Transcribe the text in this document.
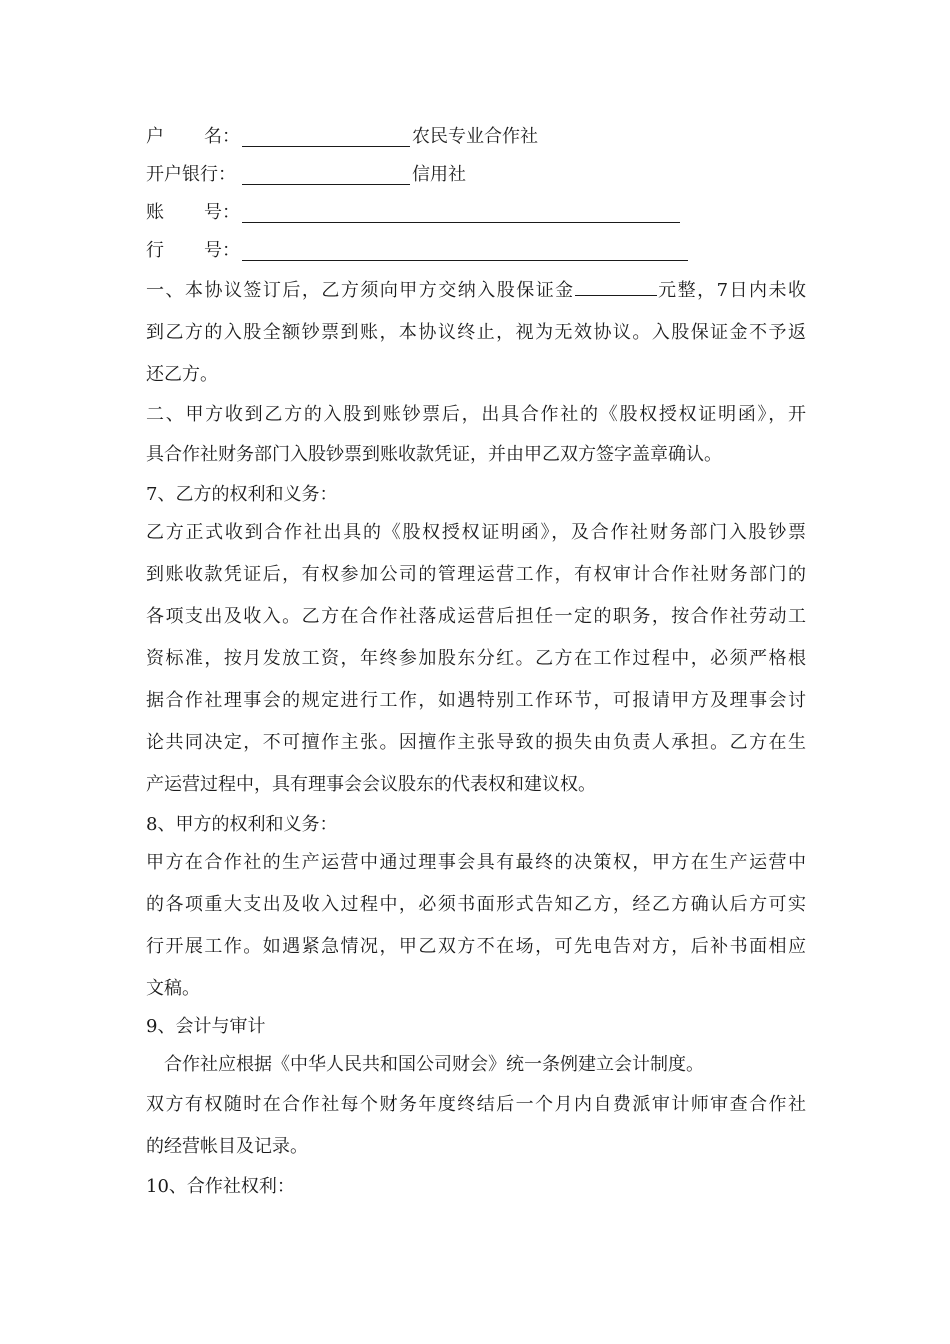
户 名 ：	农民专业合作社
开户银行：	信用社
账 号 ：
行 号 ：
一、本协议签订后，乙方须向甲方交纳入股保证金	元整，7日内未收
到乙方的入股全额钞票到账，本协议终止，视为无效协议。入股保证金不予返
还乙方。
二、甲方收到乙方的入股到账钞票后，出具合作社的《股权授权证明函》，开
具合作社财务部门入股钞票到账收款凭证，并由甲乙双方签字盖章确认。
7、乙方的权利和义务：
乙方正式收到合作社出具的《股权授权证明函》，及合作社财务部门入股钞票
到账收款凭证后，有权参加公司的管理运营工作，有权审计合作社财务部门的
各项支出及收入。乙方在合作社落成运营后担任一定的职务，按合作社劳动工
资标准，按月发放工资，年终参加股东分红。乙方在工作过程中，必须严格根
据合作社理事会的规定进行工作，如遇特别工作环节，可报请甲方及理事会讨
论共同决定，不可擅作主张。因擅作主张导致的损失由负责人承担。乙方在生
产运营过程中，具有理事会会议股东的代表权和建议权。
8、甲方的权利和义务：
甲方在合作社的生产运营中通过理事会具有最终的决策权，甲方在生产运营中
的各项重大支出及收入过程中，必须书面形式告知乙方，经乙方确认后方可实
行开展工作。如遇紧急情况，甲乙双方不在场，可先电告对方，后补书面相应
文稿。
9、会计与审计
合作社应根据《中华人民共和国公司财会》统一条例建立会计制度。
双方有权随时在合作社每个财务年度终结后一个月内自费派审计师审查合作社
的经营帐目及记录。
10、合作社权利：
